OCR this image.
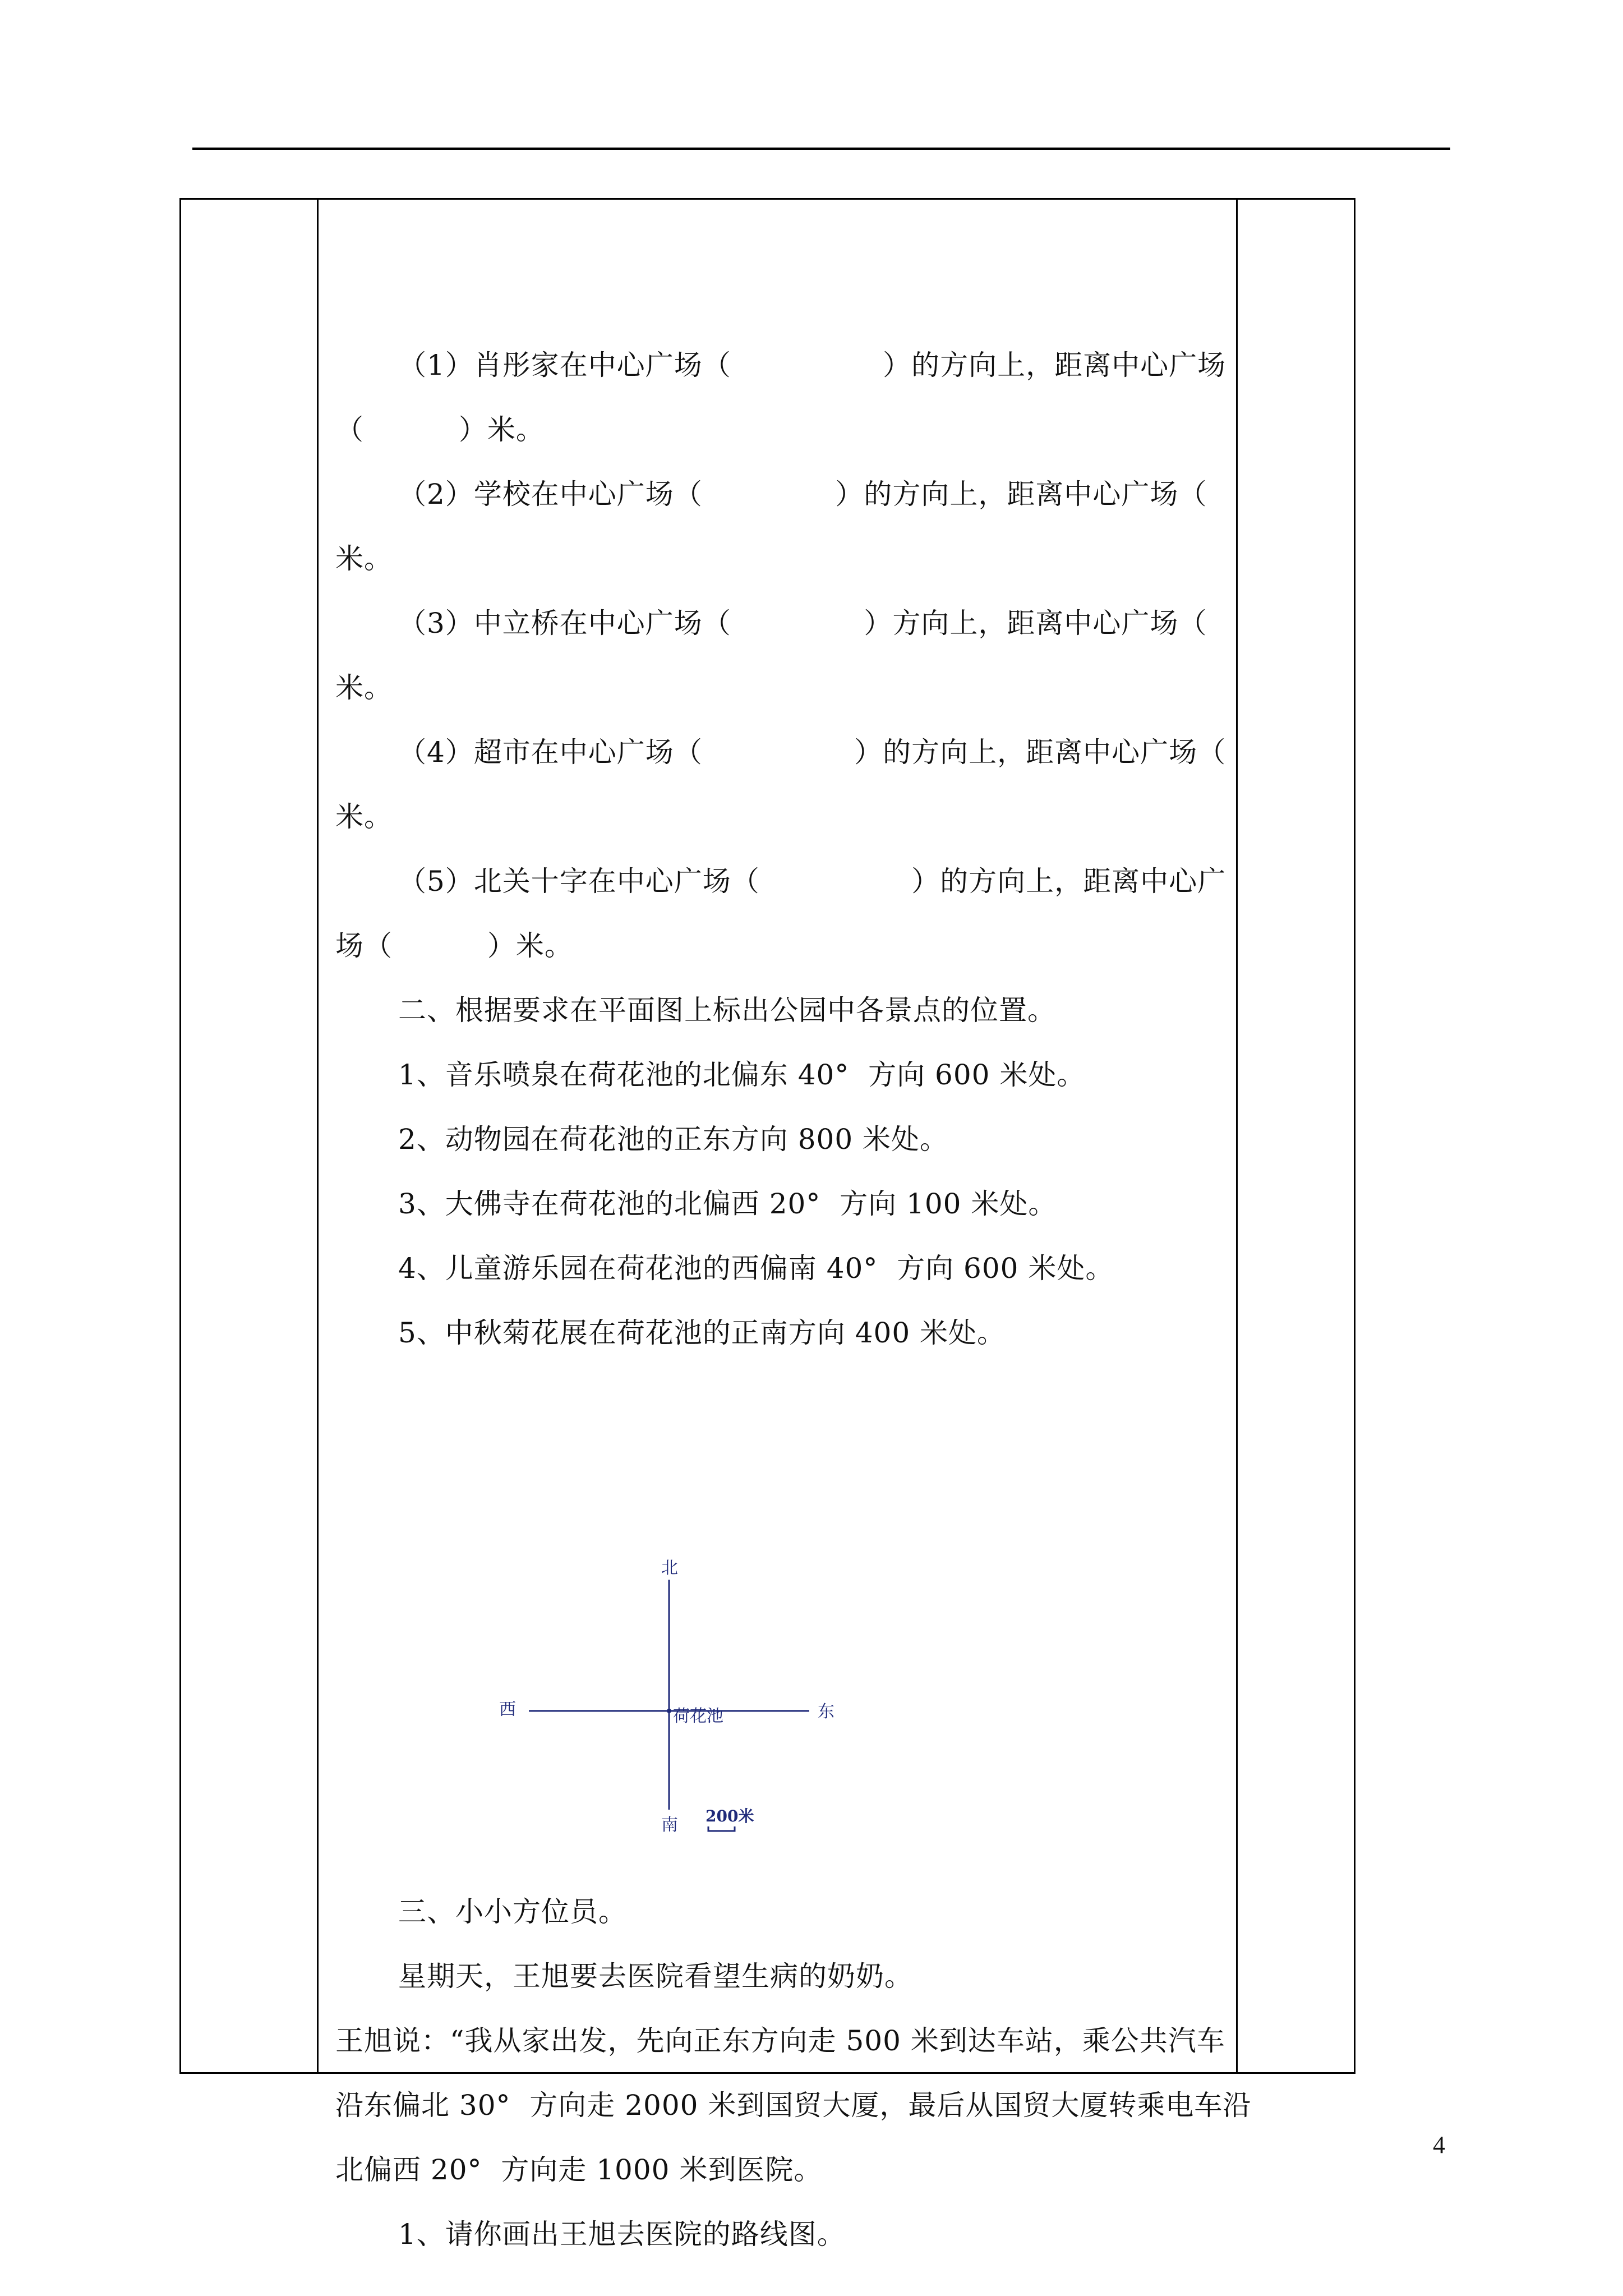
（1）肖彤家在中心广场（                ）的方向上，距离中心广场

（          ）米。

（2）学校在中心广场（              ）的方向上，距离中心广场（

米。

（3）中立桥在中心广场（              ）方向上，距离中心广场（

米。

（4）超市在中心广场（                ）的方向上，距离中心广场（

米。

（5）北关十字在中心广场（                ）的方向上，距离中心广

场（          ）米。

二、根据要求在平面图上标出公园中各景点的位置。

1、音乐喷泉在荷花池的北偏东 40°  方向 600 米处。

2、动物园在荷花池的正东方向 800 米处。

3、大佛寺在荷花池的北偏西 20°  方向 100 米处。

4、儿童游乐园在荷花池的西偏南 40°  方向 600 米处。

5、中秋菊花展在荷花池的正南方向 400 米处。

北
南
西	东
荷花池
200米

三、小小方位员。

星期天，王旭要去医院看望生病的奶奶。

王旭说：“我从家出发，先向正东方向走 500 米到达车站，乘公共汽车

沿东偏北 30°  方向走 2000 米到国贸大厦，最后从国贸大厦转乘电车沿

北偏西 20°  方向走 1000 米到医院。

1、请你画出王旭去医院的路线图。

4
